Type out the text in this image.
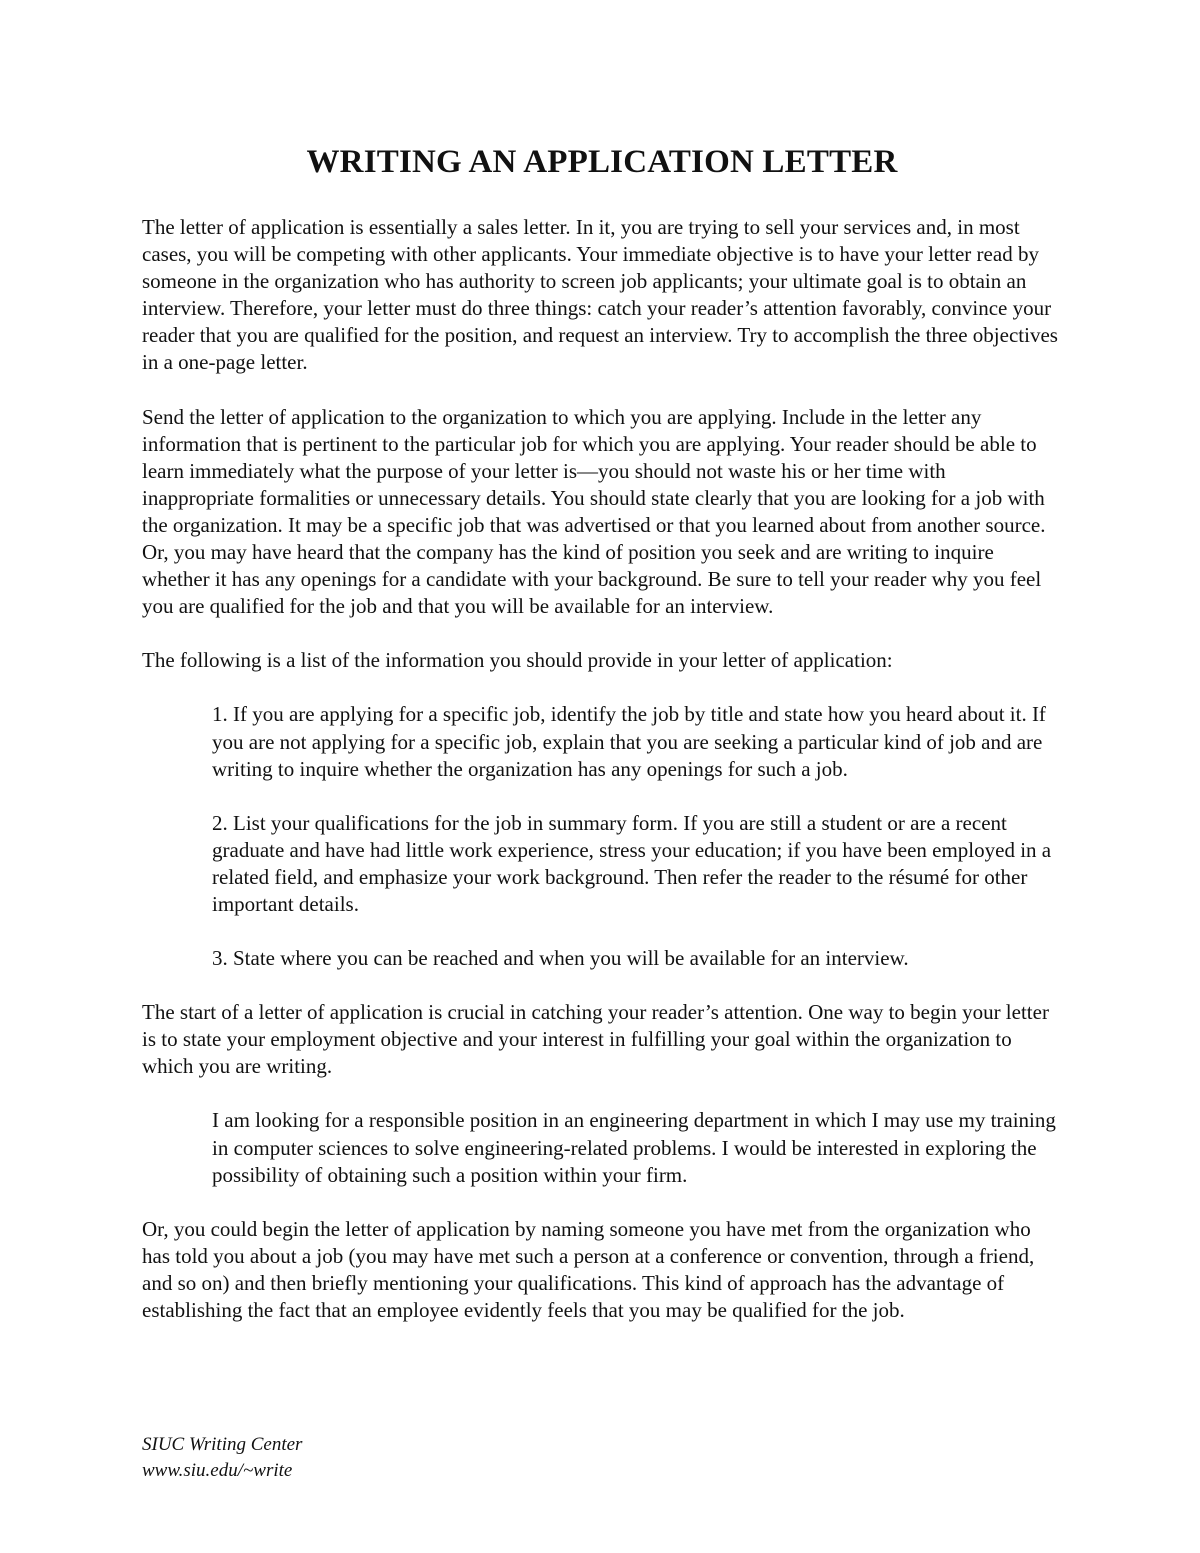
WRITING AN APPLICATION LETTER

The letter of application is essentially a sales letter. In it, you are trying to sell your services and, in most cases, you will be competing with other applicants. Your immediate objective is to have your letter read by someone in the organization who has authority to screen job applicants; your ultimate goal is to obtain an interview. Therefore, your letter must do three things: catch your reader’s attention favorably, convince your reader that you are qualified for the position, and request an interview. Try to accomplish the three objectives in a one-page letter.

Send the letter of application to the organization to which you are applying. Include in the letter any information that is pertinent to the particular job for which you are applying. Your reader should be able to learn immediately what the purpose of your letter is—you should not waste his or her time with inappropriate formalities or unnecessary details. You should state clearly that you are looking for a job with the organization. It may be a specific job that was advertised or that you learned about from another source. Or, you may have heard that the company has the kind of position you seek and are writing to inquire whether it has any openings for a candidate with your background. Be sure to tell your reader why you feel you are qualified for the job and that you will be available for an interview.

The following is a list of the information you should provide in your letter of application:

1. If you are applying for a specific job, identify the job by title and state how you heard about it. If you are not applying for a specific job, explain that you are seeking a particular kind of job and are writing to inquire whether the organization has any openings for such a job.

2. List your qualifications for the job in summary form. If you are still a student or are a recent graduate and have had little work experience, stress your education; if you have been employed in a related field, and emphasize your work background. Then refer the reader to the résumé for other important details.

3. State where you can be reached and when you will be available for an interview.

The start of a letter of application is crucial in catching your reader’s attention. One way to begin your letter is to state your employment objective and your interest in fulfilling your goal within the organization to which you are writing.

I am looking for a responsible position in an engineering department in which I may use my training in computer sciences to solve engineering-related problems. I would be interested in exploring the possibility of obtaining such a position within your firm.

Or, you could begin the letter of application by naming someone you have met from the organization who has told you about a job (you may have met such a person at a conference or convention, through a friend, and so on) and then briefly mentioning your qualifications. This kind of approach has the advantage of establishing the fact that an employee evidently feels that you may be qualified for the job.

SIUC Writing Center
www.siu.edu/~write
